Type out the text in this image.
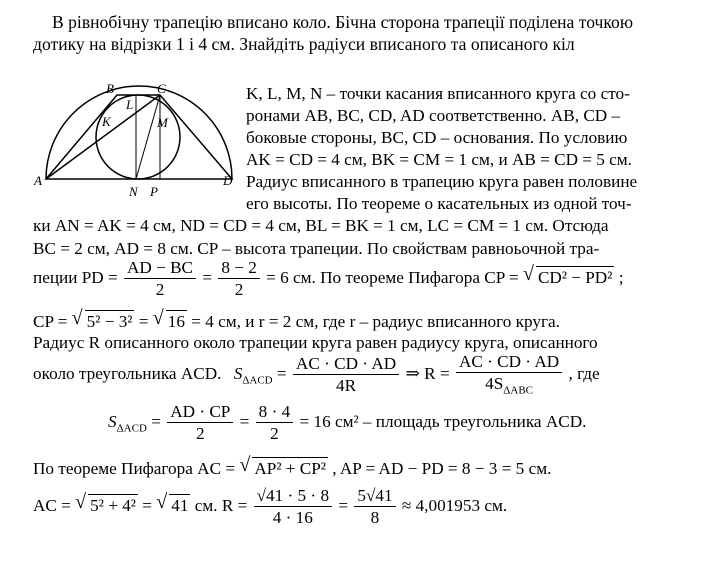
В рівнобічну трапецію вписано коло. Бічна сторона трапеції поділена точкою
дотику на відрізки 1 і 4 см. Знайдіть радіуси вписаного та описаного кіл
A
B	C
D
K
L
M
N P
K, L, M, N – точки касания вписанного круга со сто-
ронами AB, BC, CD, AD соответственно. AB, CD –
боковые стороны, BC, CD – основания. По условию
AK = CD = 4 см, BK = CM = 1 см, и AB = CD = 5 см.
Радиус вписанного в трапецию круга равен половине
его высоты. По теореме о касательных из одной точ-
ки AN = AK = 4 см, ND = CD = 4 см, BL = BK = 1 см, LC = CM = 1 см. Отсюда
BC = 2 см, AD = 8 см. CP – высота трапеции. По свойствам равноьочной тра-
пеции PD = $\frac{AD - BC}{2} = \frac{8 - 2}{2} = 6$ см. По теореме Пифагора CP = √ CD² − PD² ;
CP = √ 5² − 3² = √ 16 = 4 см, и r = 2 см, где r – радиус вписанного круга.
Радиус R описанного около трапеции круга равен радиусу круга, описанного
около треугольника ACD. $S_{\Delta ACD} = \frac{AC \cdot CD \cdot AD}{4R}$ ⇒ $R = \frac{AC \cdot CD \cdot AD}{4S_{\Delta ABC}}$ , где
$S_{\Delta ACD} = \frac{AD \cdot CP}{2} = \frac{8 \cdot 4}{2} = 16$ см² – площадь треугольника ACD.
По теореме Пифагора AC = √ AP² + CP² , AP = AD − PD = 8 − 3 = 5 см.
AC = √ 5² + 4² = √ 41 см. $R = \frac{√41 \cdot 5 \cdot 8}{4 \cdot 16} = \frac{5√41}{8} \approx 4,001953$ см.
